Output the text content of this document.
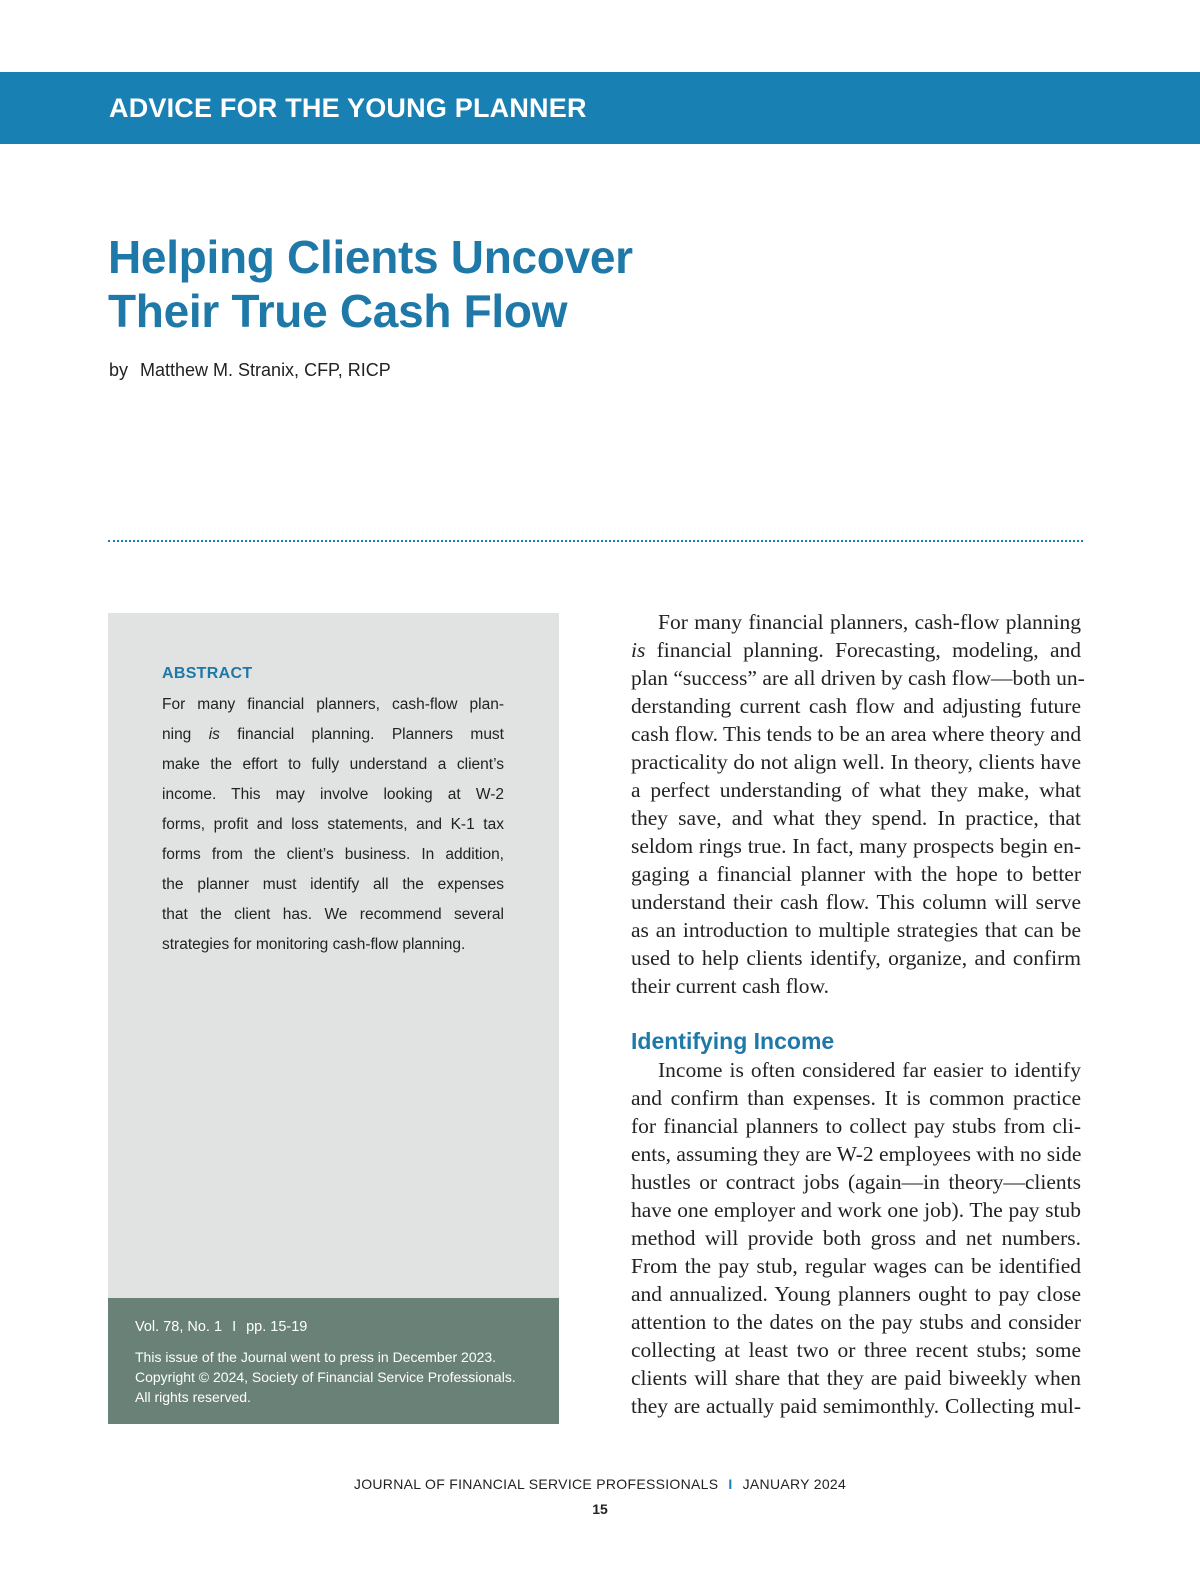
ADVICE FOR THE YOUNG PLANNER
Helping Clients Uncover
Their True Cash Flow
by Matthew M. Stranix, CFP, RICP
ABSTRACT
For many financial planners, cash-flow plan-
ning is financial planning. Planners must
make the effort to fully understand a client’s
income. This may involve looking at W-2
forms, profit and loss statements, and K-1 tax
forms from the client’s business. In addition,
the planner must identify all the expenses
that the client has. We recommend several
strategies for monitoring cash-flow planning.
Vol. 78, No. 1 I pp. 15-19
This issue of the Journal went to press in December 2023.
Copyright © 2024, Society of Financial Service Professionals.
All rights reserved.
For many financial planners, cash-flow planning
is financial planning. Forecasting, modeling, and
plan “success” are all driven by cash flow—both un-
derstanding current cash flow and adjusting future
cash flow. This tends to be an area where theory and
practicality do not align well. In theory, clients have
a perfect understanding of what they make, what
they save, and what they spend. In practice, that
seldom rings true. In fact, many prospects begin en-
gaging a financial planner with the hope to better
understand their cash flow. This column will serve
as an introduction to multiple strategies that can be
used to help clients identify, organize, and confirm
their current cash flow.
Identifying Income
Income is often considered far easier to identify
and confirm than expenses. It is common practice
for financial planners to collect pay stubs from cli-
ents, assuming they are W-2 employees with no side
hustles or contract jobs (again—in theory—clients
have one employer and work one job). The pay stub
method will provide both gross and net numbers.
From the pay stub, regular wages can be identified
and annualized. Young planners ought to pay close
attention to the dates on the pay stubs and consider
collecting at least two or three recent stubs; some
clients will share that they are paid biweekly when
they are actually paid semimonthly. Collecting mul-
JOURNAL OF FINANCIAL SERVICE PROFESSIONALS I JANUARY 2024
15
